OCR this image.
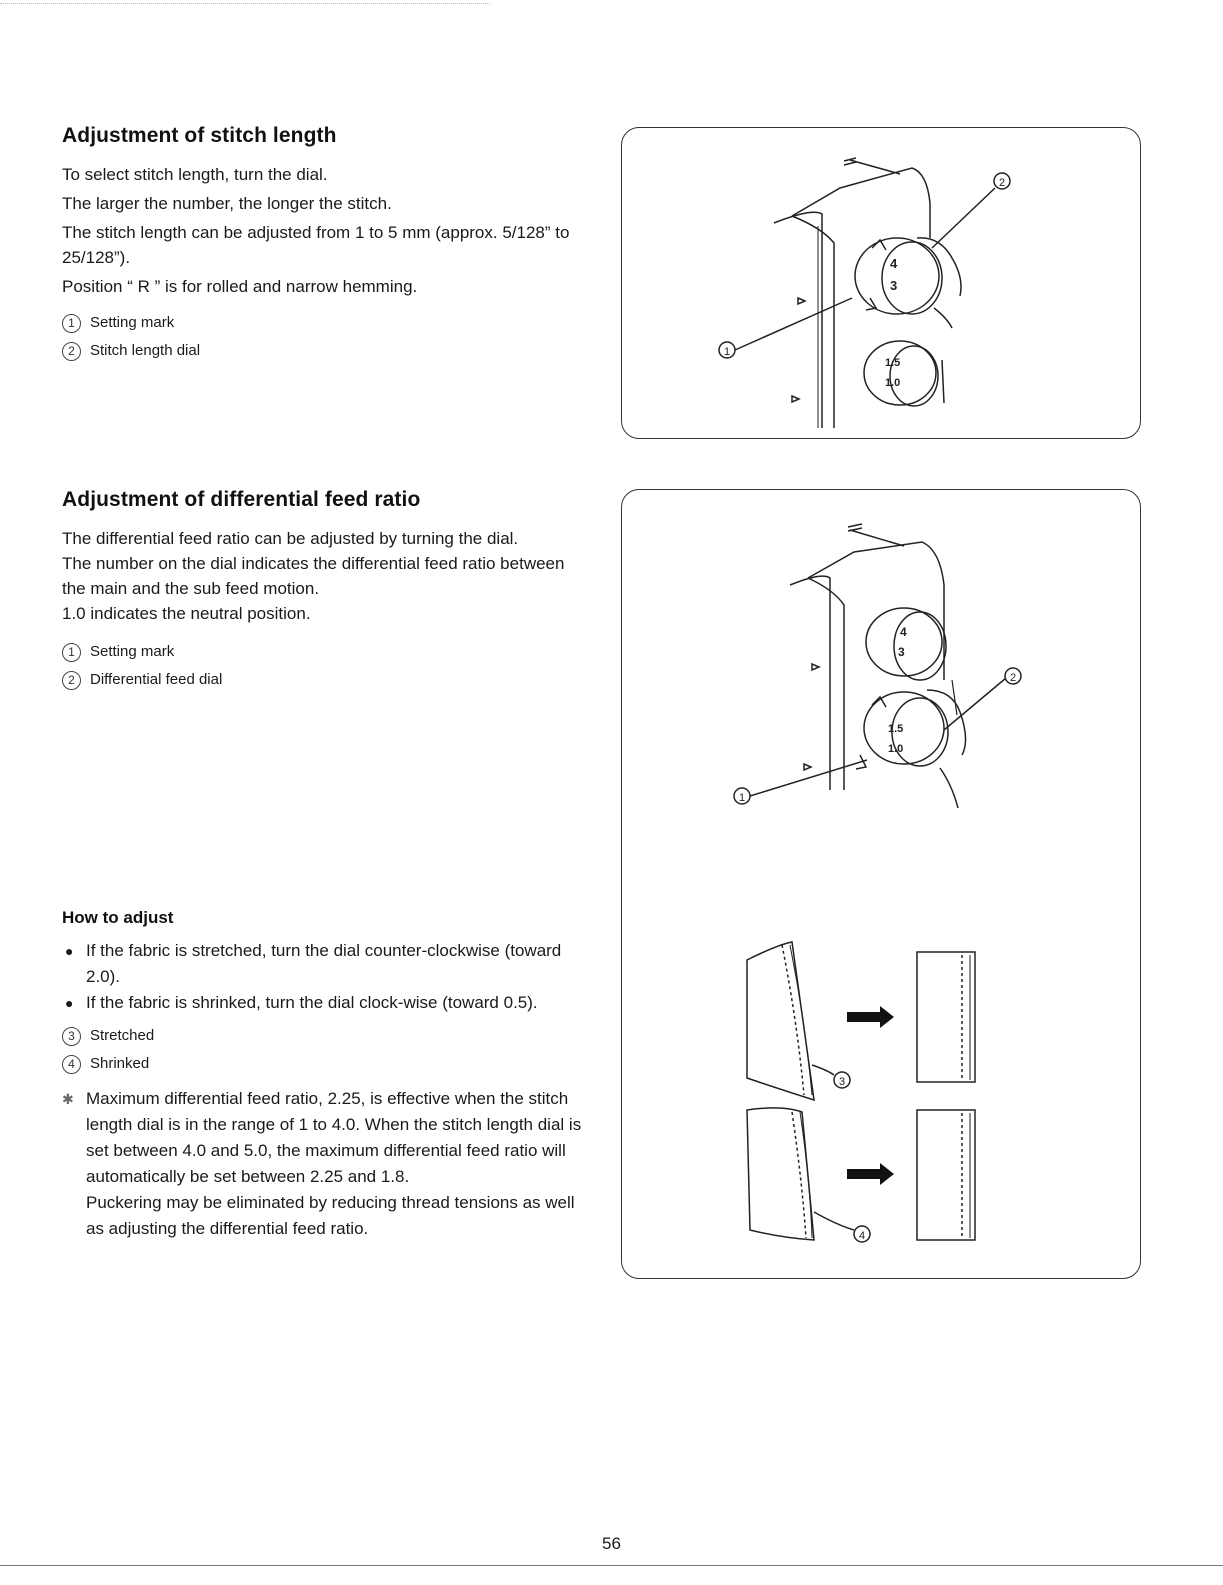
Adjustment of stitch length

To select stitch length, turn the dial.

The larger the number, the longer the stitch.

The stitch length can be adjusted from 1 to 5 mm (approx. 5/128” to 25/128”).

Position “ R ” is for rolled and narrow hemming.

1	Setting mark
2	Stitch length dial
Adjustment of differential feed ratio

The differential feed ratio can be adjusted by turning the dial.

The number on the dial indicates the differential feed ratio between the main and the sub feed motion.

1.0 indicates the neutral position.

1	Setting mark
2	Differential feed dial
How to adjust
● If the fabric is stretched, turn the dial counter-clockwise (toward 2.0).
● If the fabric is shrinked, turn the dial clock-wise (toward 0.5).
3	Stretched
4	Shrinked
✱ Maximum differential feed ratio, 2.25, is effective when the stitch length dial is in the range of 1 to 4.0. When the stitch length dial is set between 4.0 and 5.0, the maximum differential feed ratio will automatically be set between 2.25 and 1.8.
Puckering may be eliminated by reducing thread tensions as well as adjusting the differential feed ratio.
1
2
4
3
1.5
1.0
1
2
3
4
4
3
1.5
1.0
56
